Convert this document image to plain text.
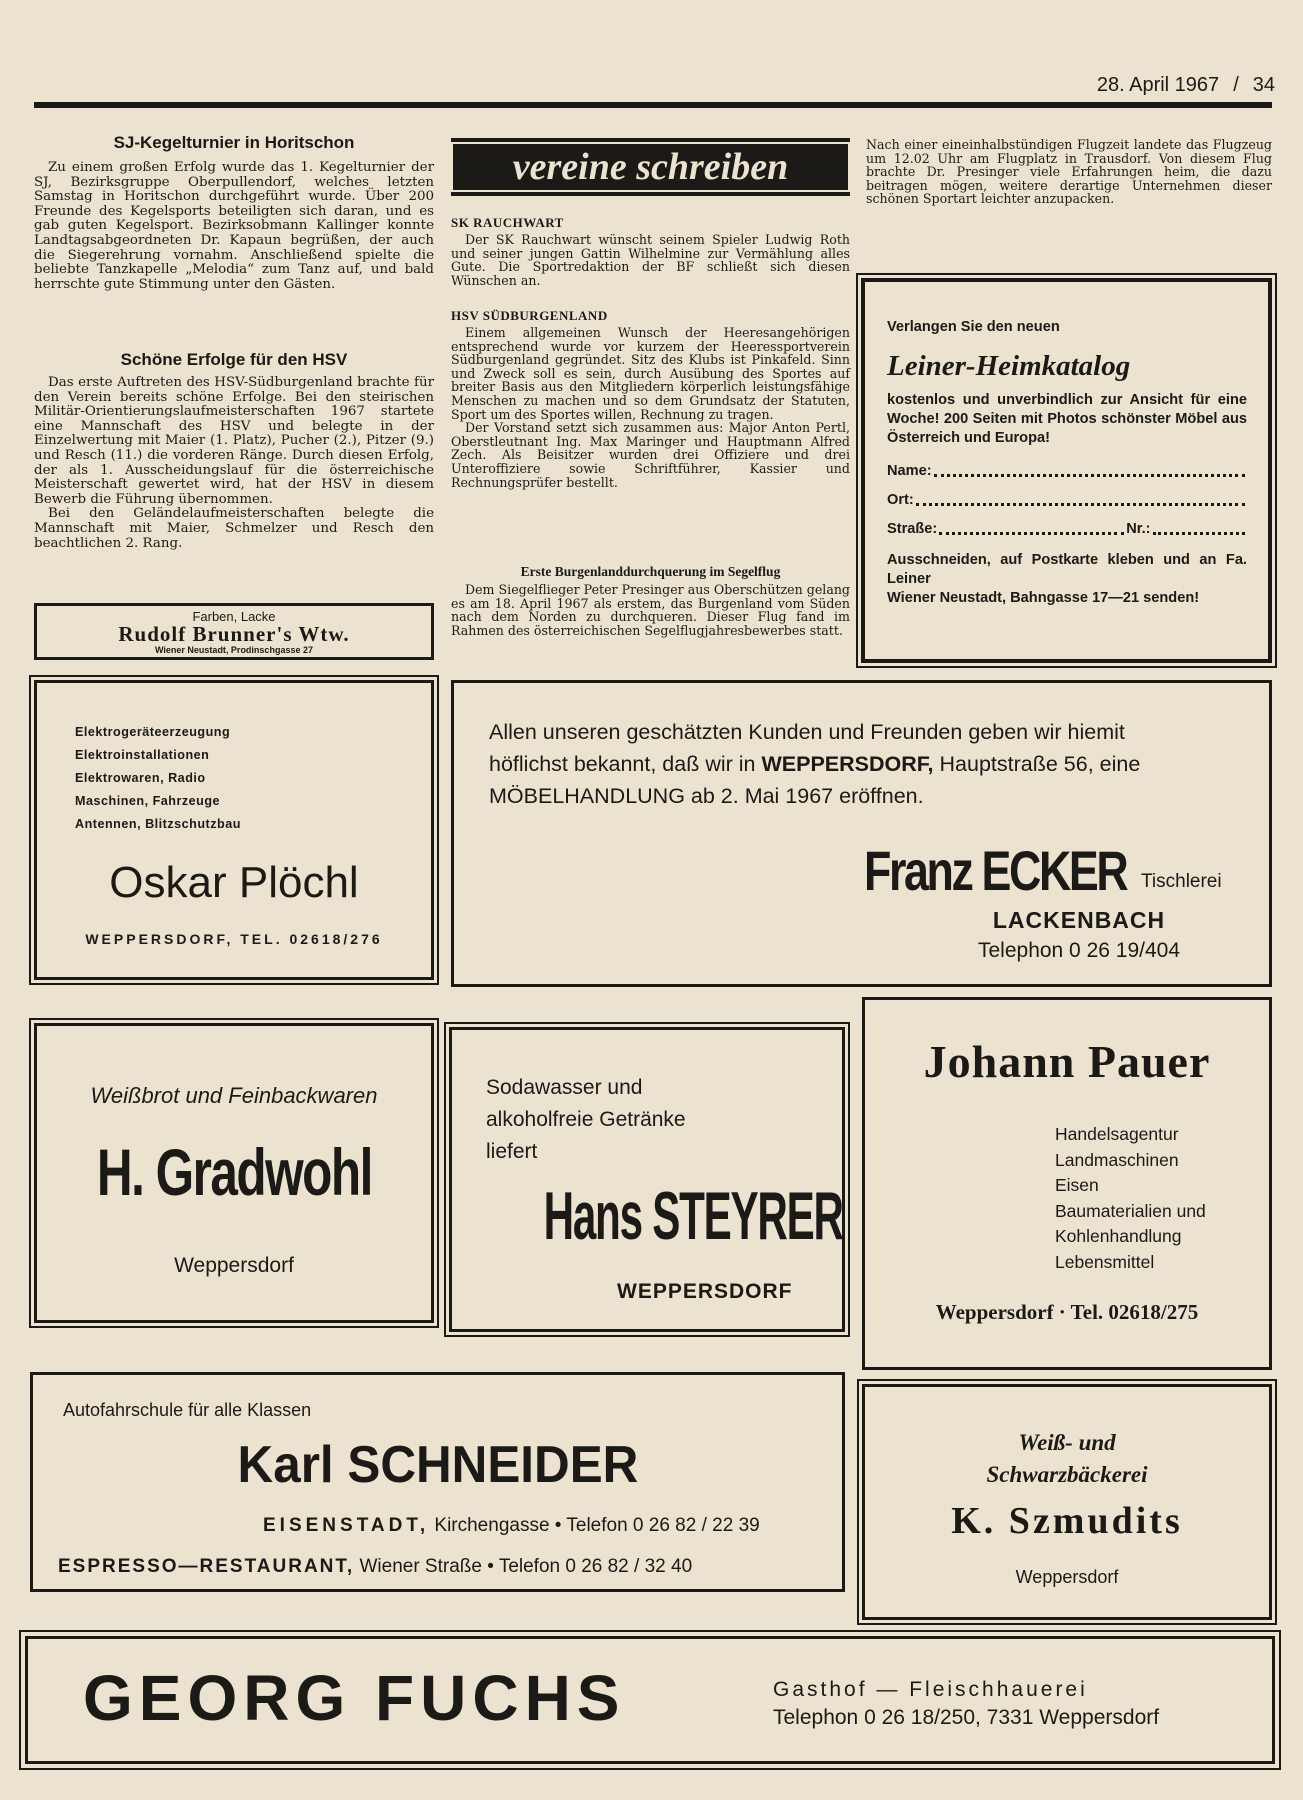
28. April 1967 / 34
SJ-Kegelturnier in Horitschon

Zu einem großen Erfolg wurde das 1. Kegelturnier der SJ, Bezirksgruppe Oberpullendorf, welches letzten Samstag in Horitschon durchgeführt wurde. Über 200 Freunde des Kegelsports beteiligten sich daran, und es gab guten Kegelsport. Bezirksobmann Kallinger konnte Landtagsabgeordneten Dr. Kapaun begrüßen, der auch die Siegerehrung vornahm. Anschließend spielte die beliebte Tanzkapelle „Melodia“ zum Tanz auf, und bald herrschte gute Stimmung unter den Gästen.

Schöne Erfolge für den HSV

Das erste Auftreten des HSV-Südburgenland brachte für den Verein bereits schöne Erfolge. Bei den steirischen Militär-Orientierungslaufmeisterschaften 1967 startete eine Mannschaft des HSV und belegte in der Einzelwertung mit Maier (1. Platz), Pucher (2.), Pitzer (9.) und Resch (11.) die vorderen Ränge. Durch diesen Erfolg, der als 1. Ausscheidungslauf für die österreichische Meisterschaft gewertet wird, hat der HSV in diesem Bewerb die Führung übernommen.

Bei den Geländelaufmeisterschaften belegte die Mannschaft mit Maier, Schmelzer und Resch den beachtlichen 2. Rang.

Farben, Lacke
Rudolf Brunner's Wtw.
Wiener Neustadt, Prodinschgasse 27
vereine schreiben
SK RAUCHWART

Der SK Rauchwart wünscht seinem Spieler Ludwig Roth und seiner jungen Gattin Wilhelmine zur Vermählung alles Gute. Die Sportredaktion der BF schließt sich diesen Wünschen an.

HSV SÜDBURGENLAND

Einem allgemeinen Wunsch der Heeresangehörigen entsprechend wurde vor kurzem der Heeressportverein Südburgenland gegründet. Sitz des Klubs ist Pinkafeld. Sinn und Zweck soll es sein, durch Ausübung des Sportes auf breiter Basis aus den Mitgliedern körperlich leistungsfähige Menschen zu machen und so dem Grundsatz der Statuten, Sport um des Sportes willen, Rechnung zu tragen.

Der Vorstand setzt sich zusammen aus: Major Anton Pertl, Oberstleutnant Ing. Max Maringer und Hauptmann Alfred Zech. Als Beisitzer wurden drei Offiziere und drei Unteroffiziere sowie Schriftführer, Kassier und Rechnungsprüfer bestellt.

Erste Burgenlanddurchquerung im Segelflug

Dem Siegelflieger Peter Presinger aus Oberschützen gelang es am 18. April 1967 als erstem, das Burgenland vom Süden nach dem Norden zu durchqueren. Dieser Flug fand im Rahmen des österreichischen Segelflugjahresbewerbes statt.

Nach einer eineinhalbstündigen Flugzeit landete das Flugzeug um 12.02 Uhr am Flugplatz in Trausdorf. Von diesem Flug brachte Dr. Presinger viele Erfahrungen heim, die dazu beitragen mögen, weitere derartige Unternehmen dieser schönen Sportart leichter anzupacken.
Verlangen Sie den neuen
Leiner-Heimkatalog
kostenlos und unverbindlich zur Ansicht für eine Woche! 200 Seiten mit Photos schönster Möbel aus Österreich und Europa!
Name:
Ort:
Straße:	Nr.:
Ausschneiden, auf Postkarte kleben und an Fa. Leiner
Wiener Neustadt, Bahngasse 17—21 senden!
Elektrogeräteerzeugung
Elektroinstallationen
Elektrowaren, Radio
Maschinen, Fahrzeuge
Antennen, Blitzschutzbau
Oskar Plöchl
WEPPERSDORF, TEL. 02618/276
Allen unseren geschätzten Kunden und Freunden geben wir hiemit
höflichst bekannt, daß wir in WEPPERSDORF, Hauptstraße 56, eine
MÖBELHANDLUNG ab 2. Mai 1967 eröffnen.
Franz ECKER Tischlerei
LACKENBACH
Telephon 0 26 19/404
Weißbrot und Feinbackwaren
H. Gradwohl
Weppersdorf
Sodawasser und
alkoholfreie Getränke
liefert
Hans STEYRER
WEPPERSDORF
Johann Pauer
Handelsagentur
Landmaschinen
Eisen
Baumaterialien und
Kohlenhandlung
Lebensmittel
Weppersdorf · Tel. 02618/275
Autofahrschule für alle Klassen
Karl SCHNEIDER
EISENSTADT, Kirchengasse • Telefon 0 26 82 / 22 39
ESPRESSO—RESTAURANT, Wiener Straße • Telefon 0 26 82 / 32 40
Weiß- und
Schwarzbäckerei
K. Szmudits
Weppersdorf
GEORG FUCHS	Gasthof — Fleischhauerei
Telephon 0 26 18/250, 7331 Weppersdorf
